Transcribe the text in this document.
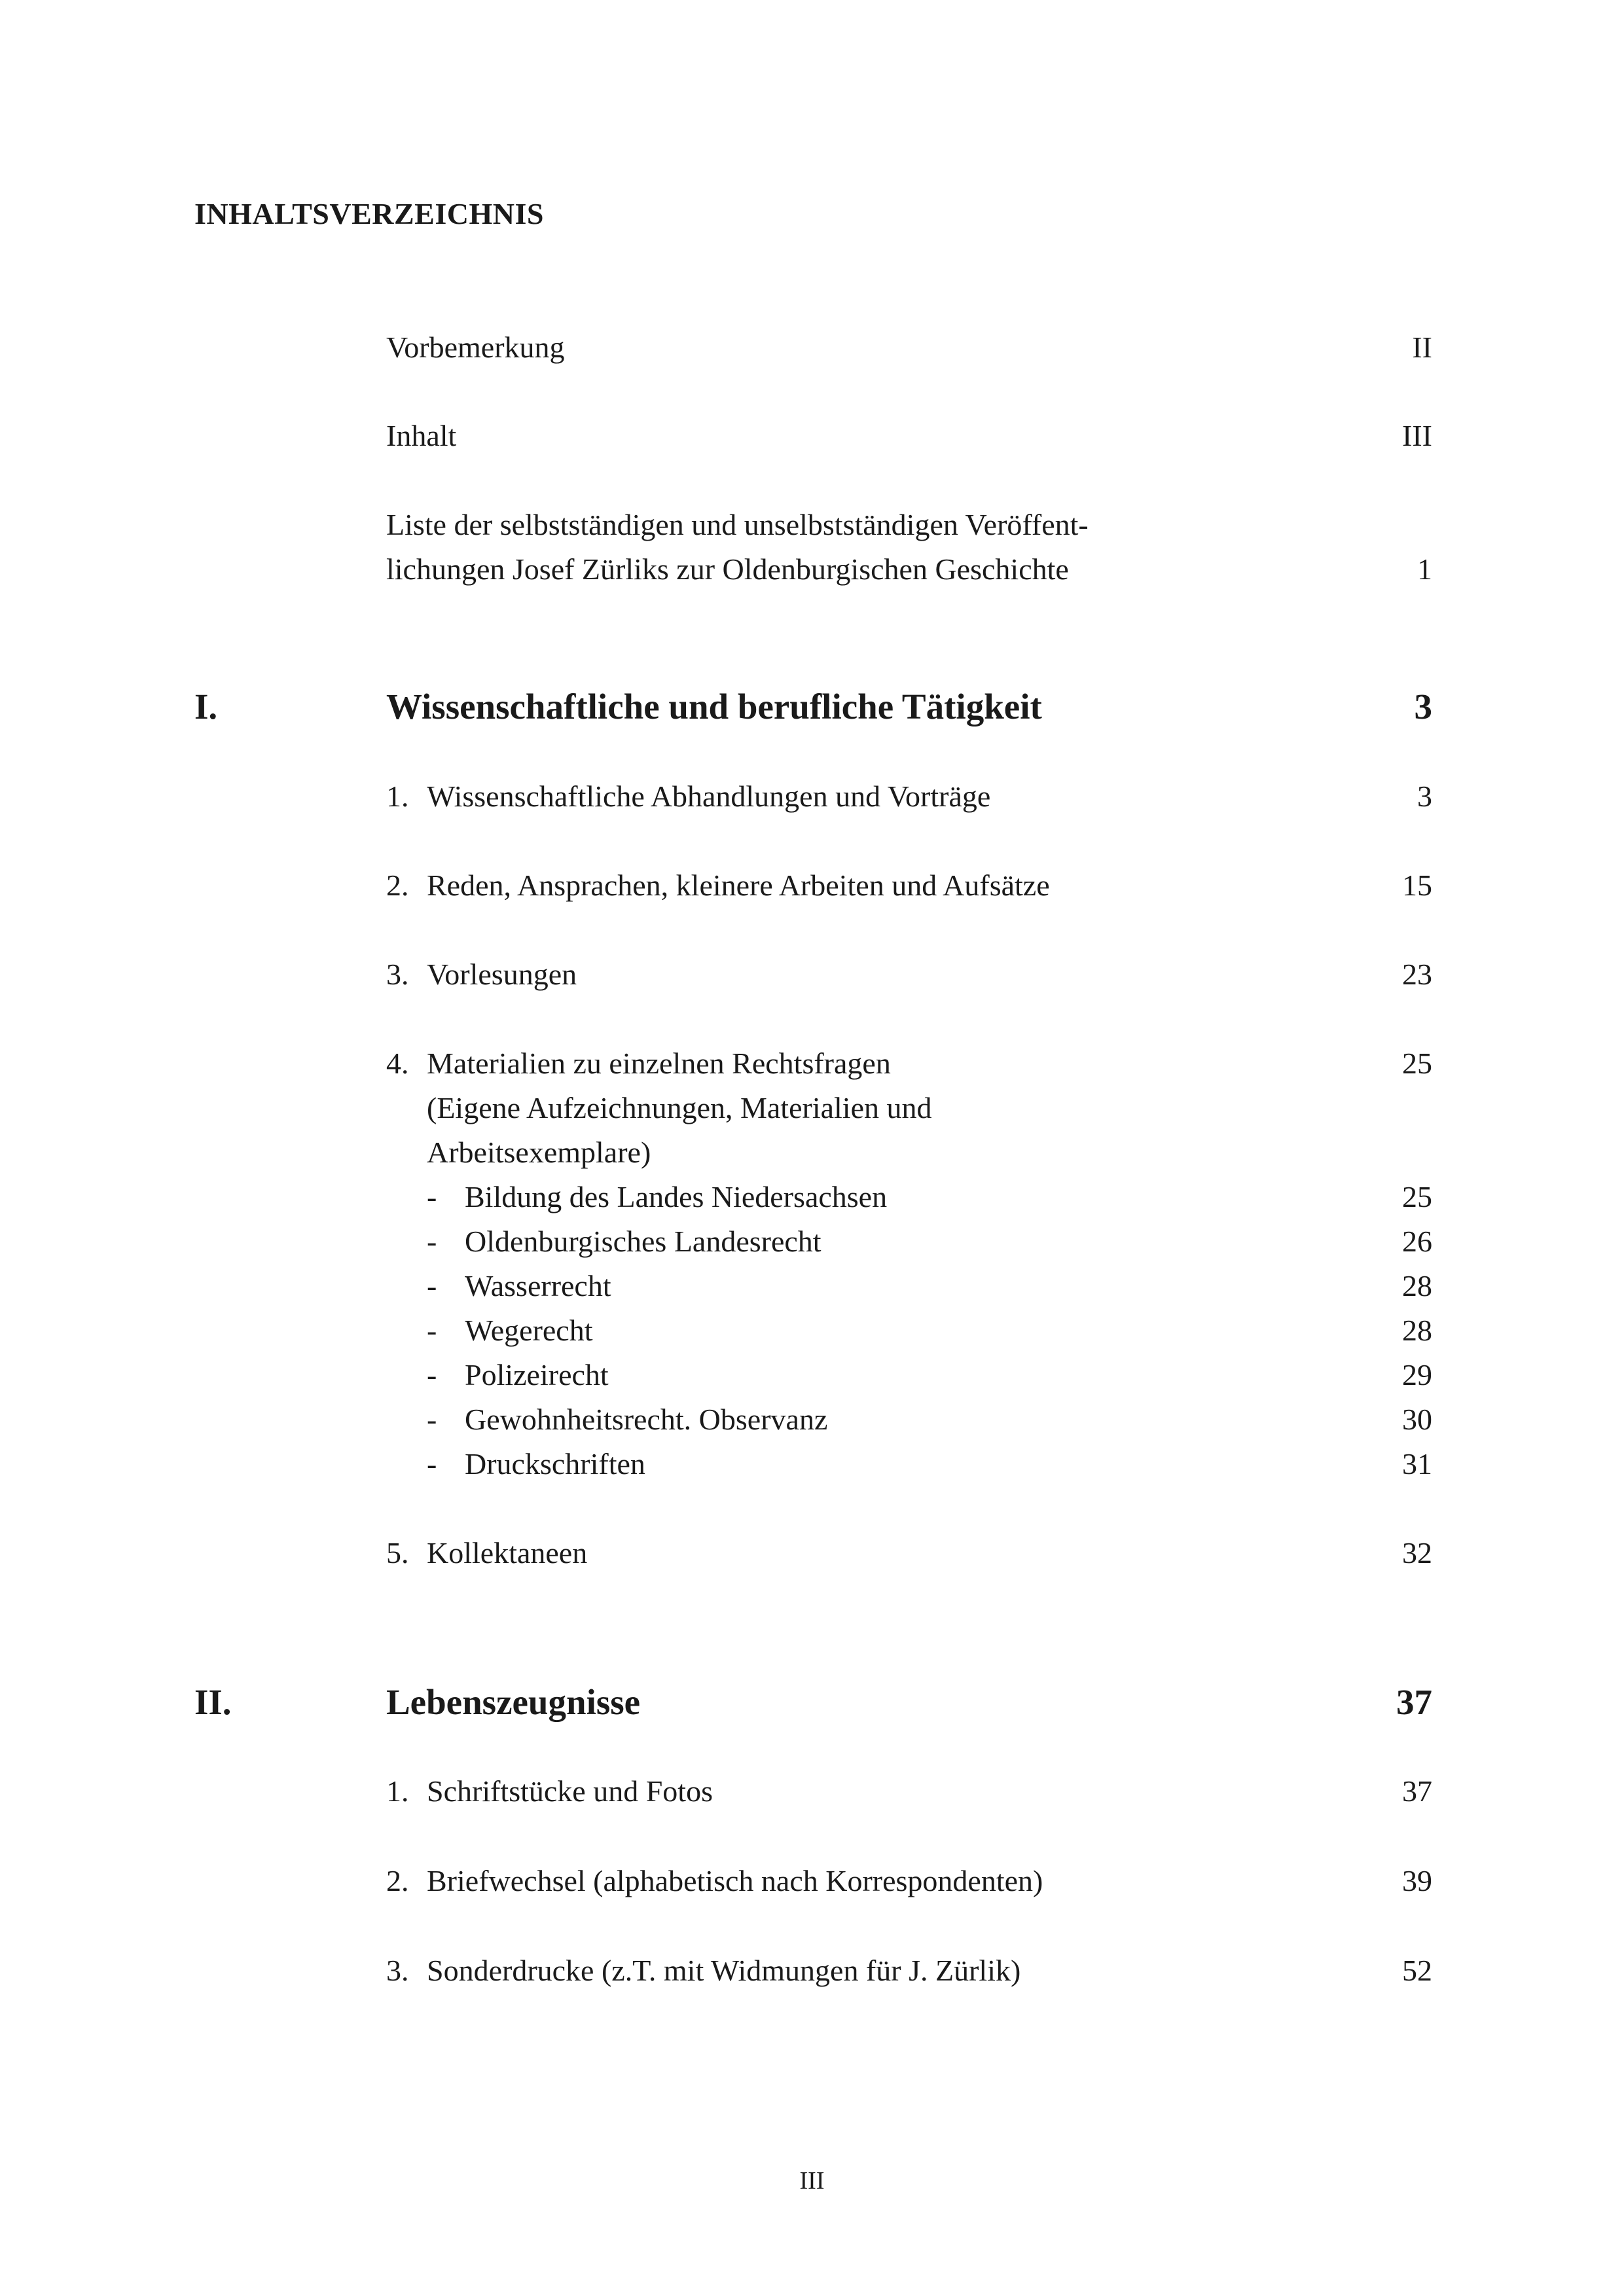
INHALTSVERZEICHNIS
Vorbemerkung	II
Inhalt	III
Liste der selbstständigen und unselbstständigen Veröffent-
lichungen Josef Zürliks zur Oldenburgischen Geschichte	1
I.	Wissenschaftliche und berufliche Tätigkeit	3
1. Wissenschaftliche Abhandlungen und Vorträge	3
2. Reden, Ansprachen, kleinere Arbeiten und Aufsätze	15
3. Vorlesungen	23
4. Materialien zu einzelnen Rechtsfragen	25
(Eigene Aufzeichnungen, Materialien und
Arbeitsexemplare)
- Bildung des Landes Niedersachsen	25
- Oldenburgisches Landesrecht	26
- Wasserrecht	28
- Wegerecht	28
- Polizeirecht	29
- Gewohnheitsrecht. Observanz	30
- Druckschriften	31
5. Kollektaneen	32
II.	Lebenszeugnisse	37
1. Schriftstücke und Fotos	37
2. Briefwechsel (alphabetisch nach Korrespondenten)	39
3. Sonderdrucke (z.T. mit Widmungen für J. Zürlik)	52
III
